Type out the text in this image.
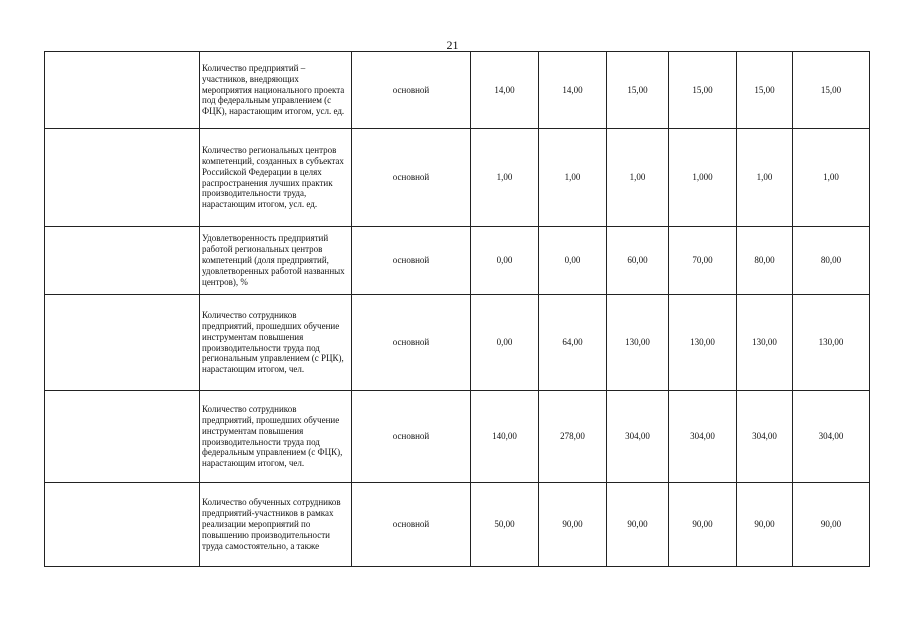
21
	Количество предприятий – участников, внедряющих мероприятия национального проекта под федеральным управлением (с ФЦК), нарастающим итогом, усл. ед.	основной	14,00	14,00	15,00	15,00	15,00	15,00
	Количество региональных центров компетенций, созданных в субъектах Российской Федерации в целях распространения лучших практик производительности труда, нарастающим итогом, усл. ед.	основной	1,00	1,00	1,00	1,000	1,00	1,00
	Удовлетворенность предприятий работой региональных центров компетенций (доля предприятий, удовлетворенных работой названных центров), %	основной	0,00	0,00	60,00	70,00	80,00	80,00
	Количество сотрудников предприятий, прошедших обучение инструментам повышения производительности труда под региональным управлением (с РЦК), нарастающим итогом, чел.	основной	0,00	64,00	130,00	130,00	130,00	130,00
	Количество сотрудников предприятий, прошедших обучение инструментам повышения производительности труда под федеральным управлением (с ФЦК), нарастающим итогом, чел.	основной	140,00	278,00	304,00	304,00	304,00	304,00
	Количество обученных сотрудников предприятий-участников в рамках реализации мероприятий по повышению производительности труда самостоятельно, а также	основной	50,00	90,00	90,00	90,00	90,00	90,00
